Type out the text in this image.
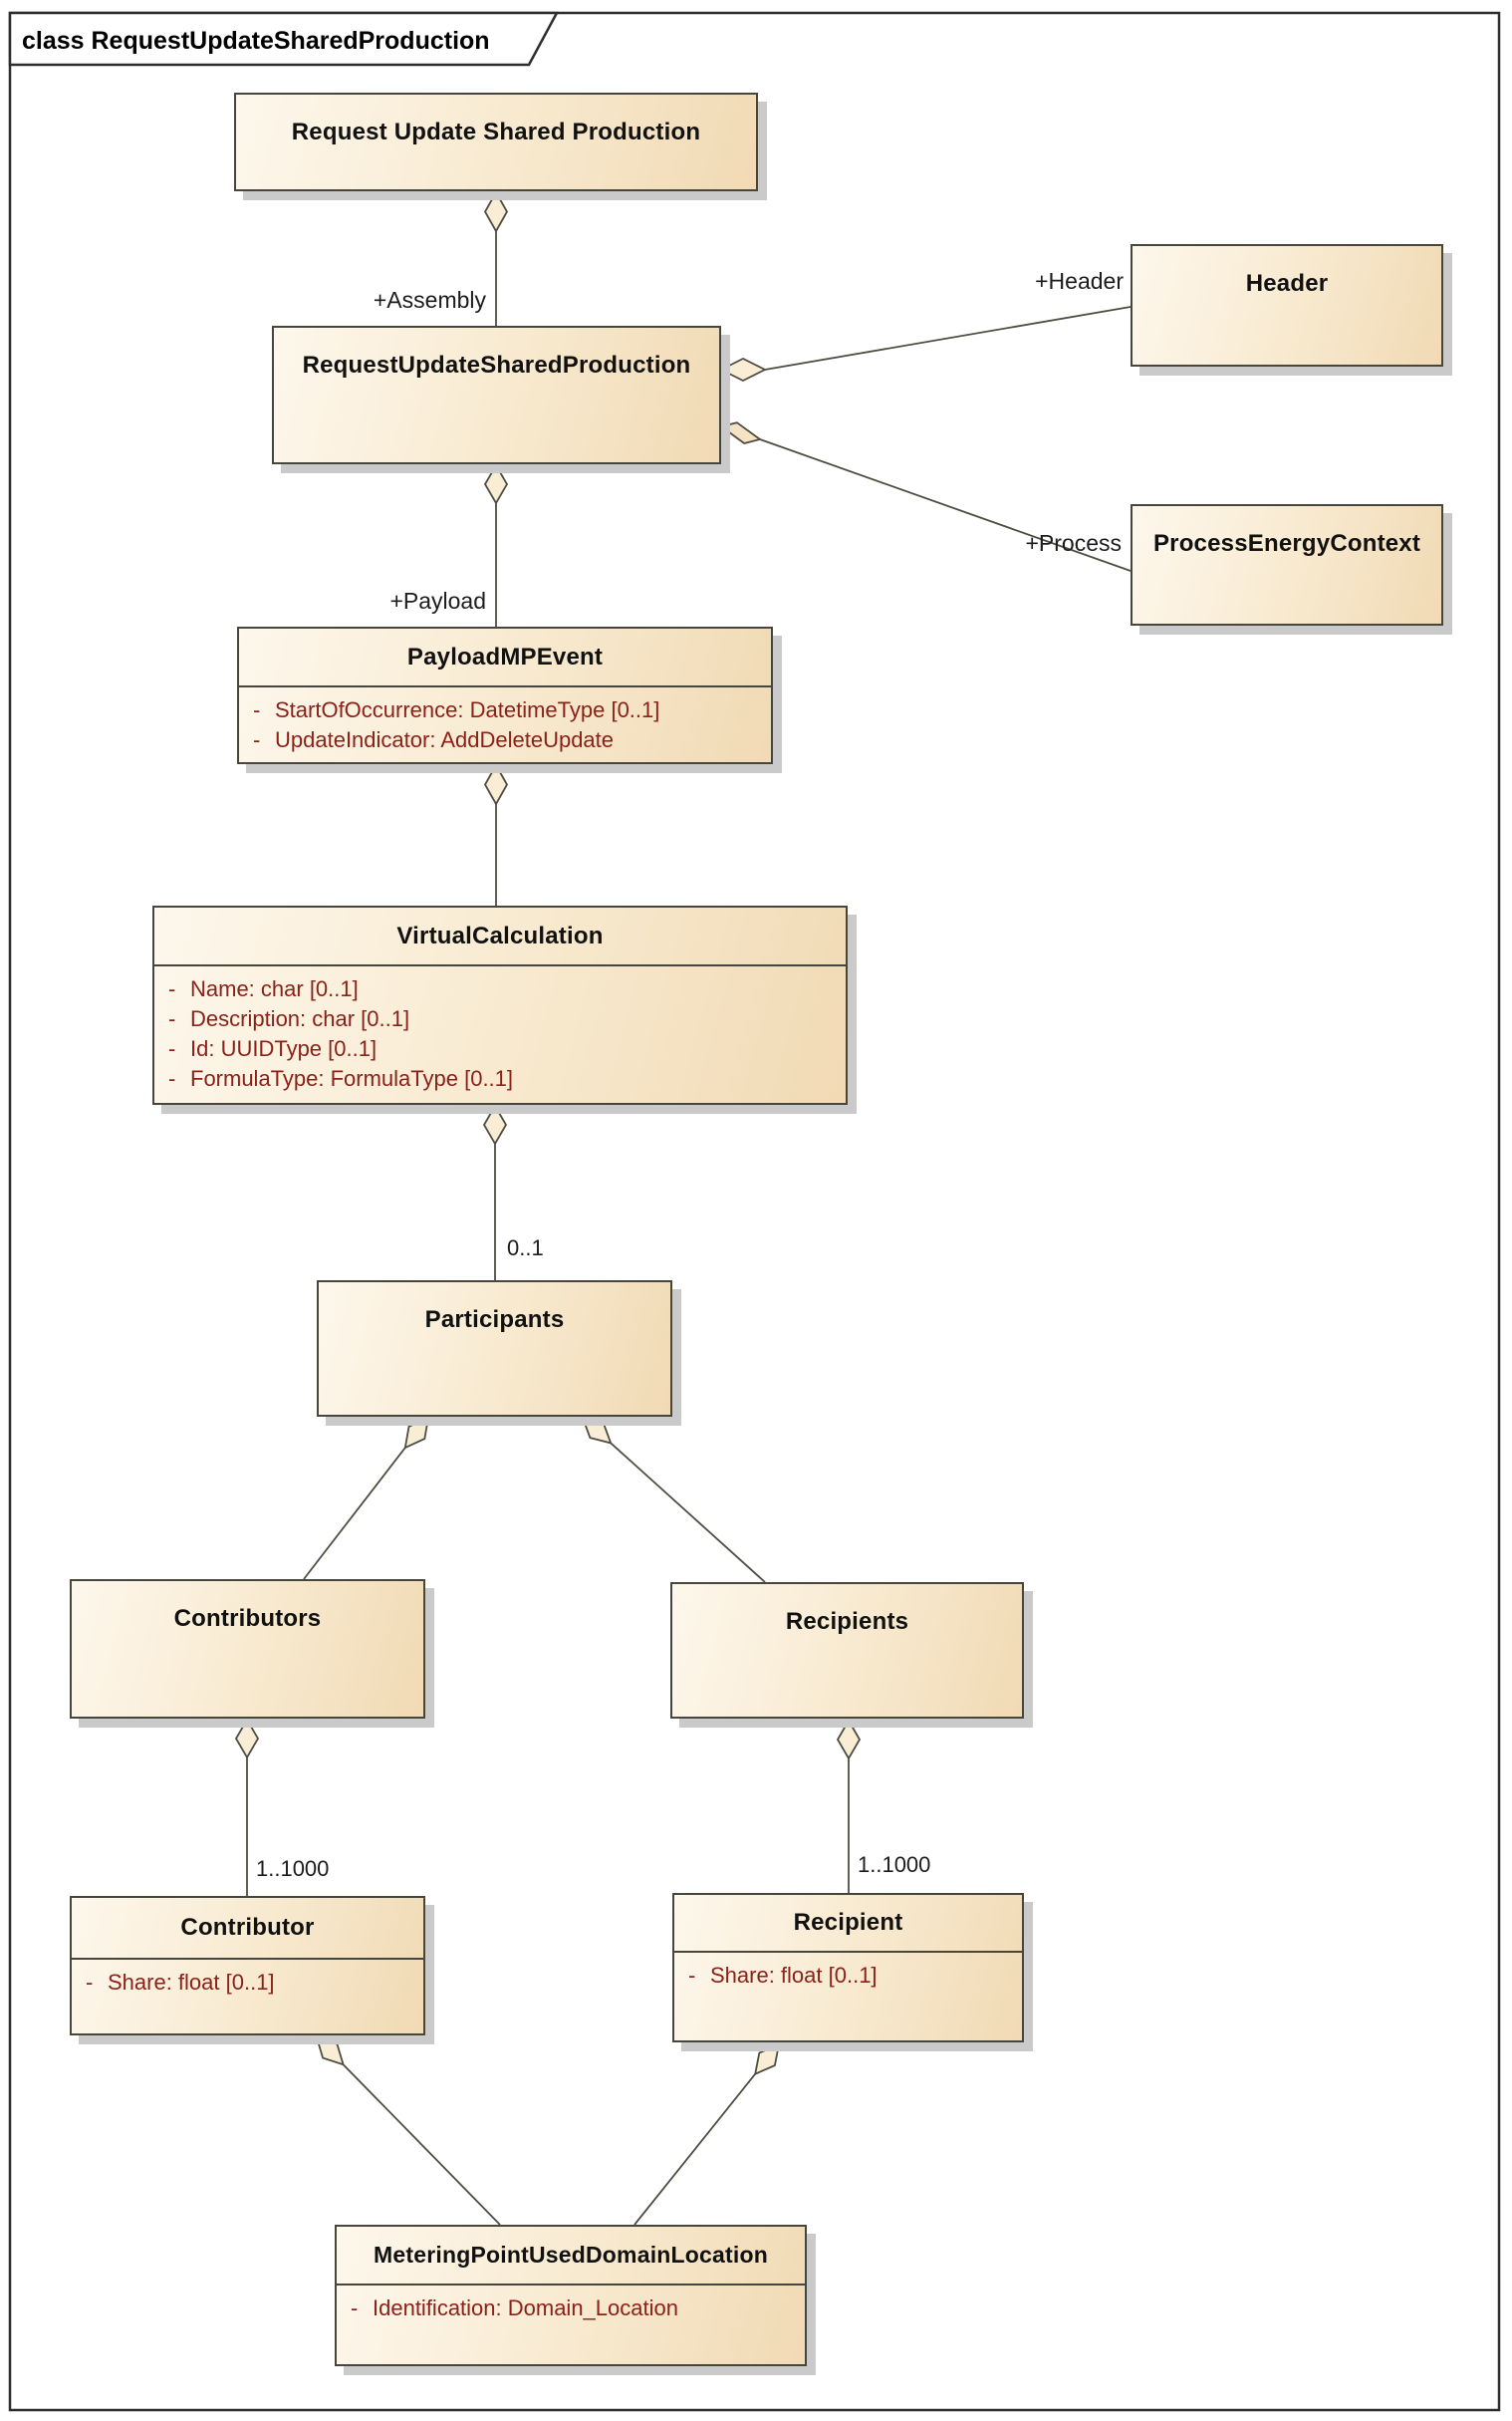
class RequestUpdateSharedProduction
Request Update Shared Production
RequestUpdateSharedProduction
Header
ProcessEnergyContext
PayloadMPEvent
- StartOfOccurrence: DatetimeType [0..1]
- UpdateIndicator: AddDeleteUpdate
VirtualCalculation
- Name: char [0..1]
- Description: char [0..1]
- Id: UUIDType [0..1]
- FormulaType: FormulaType [0..1]
Participants
Contributors	Recipients
Contributor
- Share: float [0..1]
Recipient
- Share: float [0..1]
MeteringPointUsedDomainLocation
- Identification: Domain_Location
+Assembly
+Payload
+Header
+Process
0..1
1..1000	1..1000
